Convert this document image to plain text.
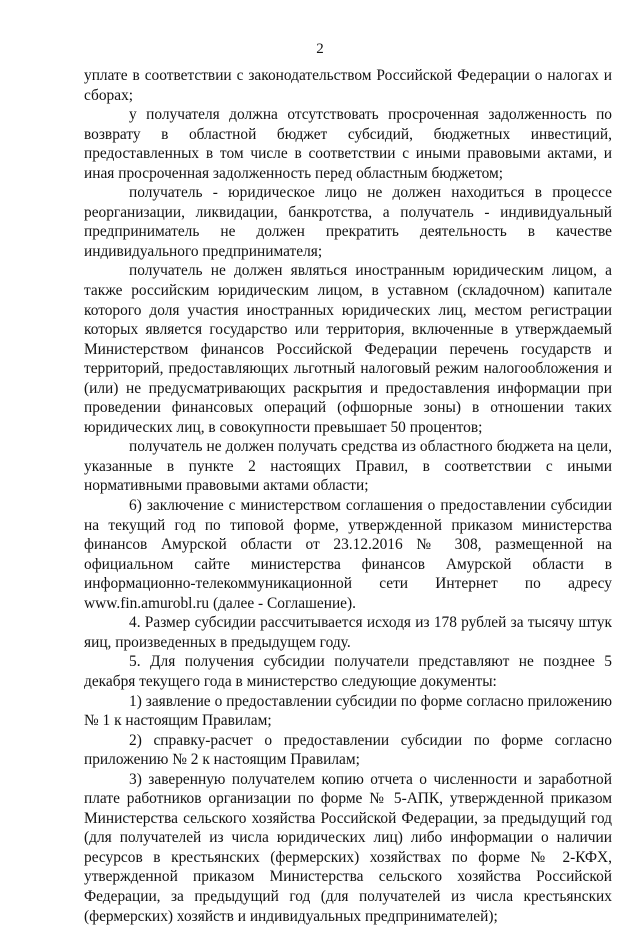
2

уплате в соответствии с законодательством Российской Федерации о налогах и сборах;

у получателя должна отсутствовать просроченная задолженность по возврату в областной бюджет субсидий, бюджетных инвестиций, предоставленных в том числе в соответствии с иными правовыми актами, и иная просроченная задолженность перед областным бюджетом;

получатель - юридическое лицо не должен находиться в процессе реорганизации, ликвидации, банкротства, а получатель - индивидуальный предприниматель не должен прекратить деятельность в качестве индивидуального предпринимателя;

получатель не должен являться иностранным юридическим лицом, а также российским юридическим лицом, в уставном (складочном) капитале которого доля участия иностранных юридических лиц, местом регистрации которых является государство или территория, включенные в утверждаемый Министерством финансов Российской Федерации перечень государств и территорий, предоставляющих льготный налоговый режим налогообложения и (или) не предусматривающих раскрытия и предоставления информации при проведении финансовых операций (офшорные зоны) в отношении таких юридических лиц, в совокупности превышает 50 процентов;

получатель не должен получать средства из областного бюджета на цели, указанные в пункте 2 настоящих Правил, в соответствии с иными нормативными правовыми актами области;

6) заключение с министерством соглашения о предоставлении субсидии на текущий год по типовой форме, утвержденной приказом министерства финансов Амурской области от 23.12.2016 № 308, размещенной на официальном сайте министерства финансов Амурской области в информационно-телекоммуникационной сети Интернет по адресу www.fin.amurobl.ru (далее - Соглашение).

4. Размер субсидии рассчитывается исходя из 178 рублей за тысячу штук яиц, произведенных в предыдущем году.

5. Для получения субсидии получатели представляют не позднее 5 декабря текущего года в министерство следующие документы:

1) заявление о предоставлении субсидии по форме согласно приложению № 1 к настоящим Правилам;

2) справку-расчет о предоставлении субсидии по форме согласно приложению № 2 к настоящим Правилам;

3) заверенную получателем копию отчета о численности и заработной плате работников организации по форме № 5-АПК, утвержденной приказом Министерства сельского хозяйства Российской Федерации, за предыдущий год (для получателей из числа юридических лиц) либо информации о наличии ресурсов в крестьянских (фермерских) хозяйствах по форме № 2-КФХ, утвержденной приказом Министерства сельского хозяйства Российской Федерации, за предыдущий год (для получателей из числа крестьянских (фермерских) хозяйств и индивидуальных предпринимателей);
